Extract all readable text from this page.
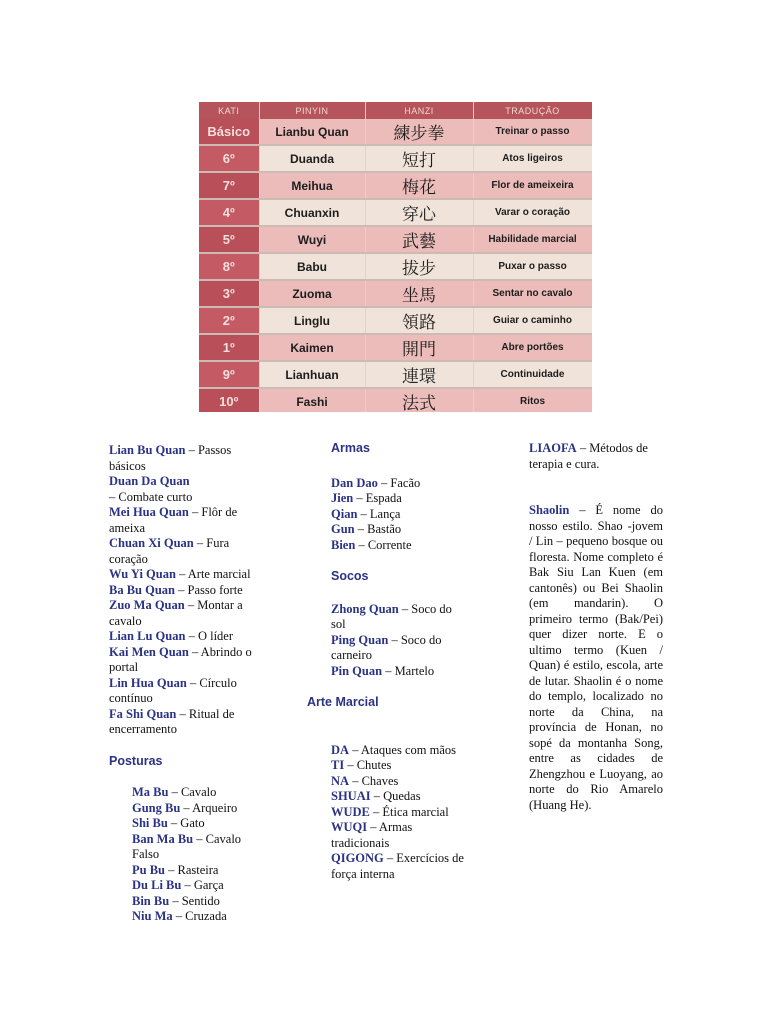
KATI	PINYIN	HANZI	TRADUÇÃO
Básico	Lianbu Quan	練步拳	Treinar o passo
6º	Duanda	短打	Atos ligeiros
7º	Meihua	梅花	Flor de ameixeira
4º	Chuanxin	穿心	Varar o coração
5º	Wuyi	武藝	Habilidade marcial
8º	Babu	拔步	Puxar o passo
3º	Zuoma	坐馬	Sentar no cavalo
2º	Linglu	領路	Guiar o caminho
1º	Kaimen	開門	Abre portões
9º	Lianhuan	連環	Continuidade
10º	Fashi	法式	Ritos

Lian Bu Quan – Passos básicos

Duan Da Quan
– Combate curto

Mei Hua Quan – Flôr de ameixa

Chuan Xi Quan – Fura coração

Wu Yi Quan – Arte marcial

Ba Bu Quan – Passo forte

Zuo Ma Quan – Montar a cavalo

Lian Lu Quan – O líder

Kai Men Quan – Abrindo o portal

Lin Hua Quan – Círculo contínuo

Fa Shi Quan – Ritual de encerramento

Posturas

Ma Bu – Cavalo

Gung Bu – Arqueiro

Shi Bu – Gato

Ban Ma Bu – Cavalo Falso

Pu Bu – Rasteira

Du Li Bu – Garça

Bin Bu – Sentido

Niu Ma – Cruzada

Armas

Dan Dao – Facão

Jien – Espada

Qian – Lança

Gun – Bastão

Bien – Corrente

Socos

Zhong Quan – Soco do sol

Ping Quan – Soco do carneiro

Pin Quan – Martelo

Arte Marcial

DA – Ataques com mãos

TI – Chutes

NA – Chaves

SHUAI – Quedas

WUDE – Ética marcial

WUQI – Armas tradicionais

QIGONG – Exercícios de força interna

LIAOFA – Métodos de terapia e cura.

Shaolin – É nome do nosso estilo. Shao -jovem / Lin – pequeno bosque ou floresta. Nome completo é Bak Siu Lan Kuen (em cantonês) ou Bei Shaolin (em mandarin). O primeiro termo (Bak/Pei) quer dizer norte. E o ultimo termo (Kuen / Quan) é estilo, escola, arte de lutar. Shaolin é o nome do templo, localizado no norte da China, na província de Honan, no sopé da montanha Song, entre as cidades de Zhengzhou e Luoyang, ao norte do Rio Amarelo (Huang He).
